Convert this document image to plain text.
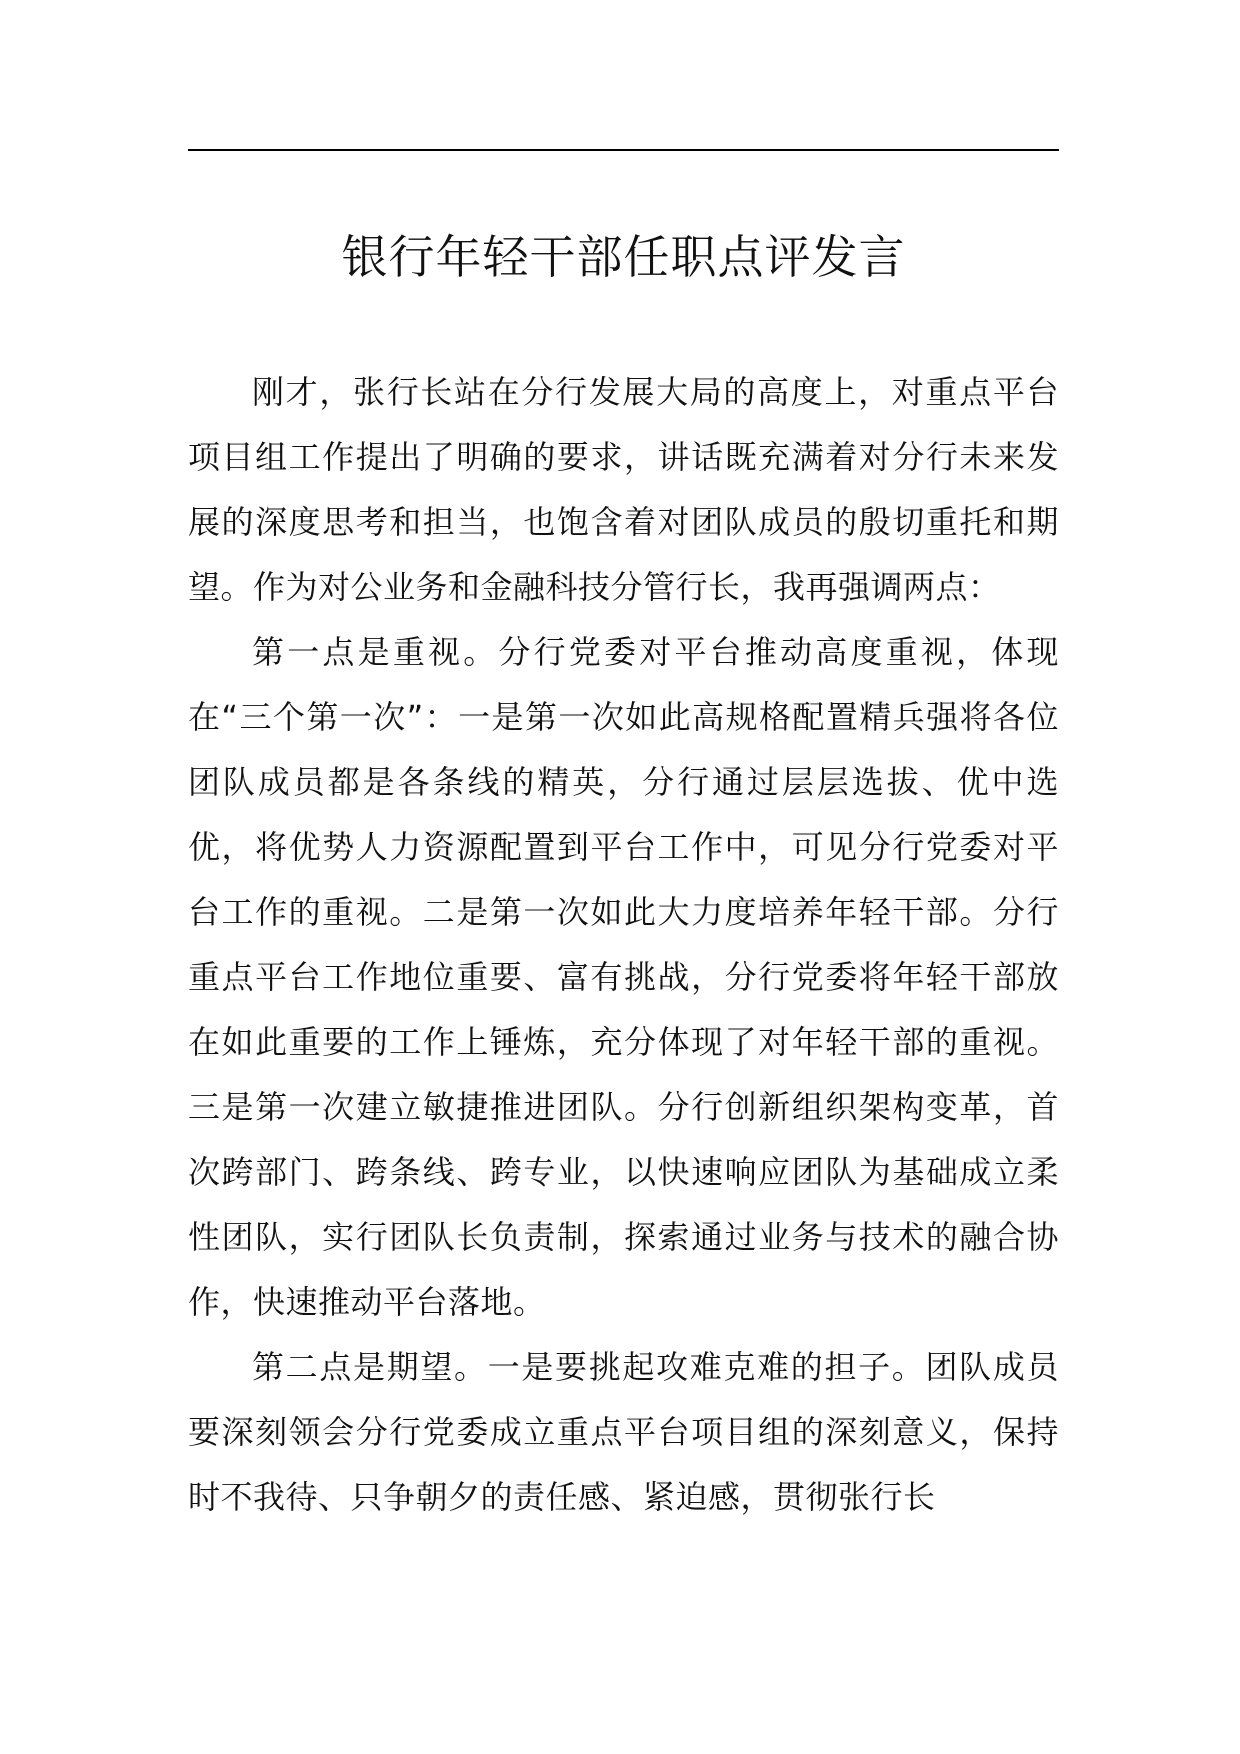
银行年轻干部任职点评发言

刚才，张行长站在分行发展大局的高度上，对重点平台项目组工作提出了明确的要求，讲话既充满着对分行未来发展的深度思考和担当，也饱含着对团队成员的殷切重托和期望。作为对公业务和金融科技分管行长，我再强调两点：

第一点是重视。分行党委对平台推动高度重视，体现在“三个第一次”：一是第一次如此高规格配置精兵强将各位团队成员都是各条线的精英，分行通过层层选拔、优中选优，将优势人力资源配置到平台工作中，可见分行党委对平台工作的重视。二是第一次如此大力度培养年轻干部。分行重点平台工作地位重要、富有挑战，分行党委将年轻干部放在如此重要的工作上锤炼，充分体现了对年轻干部的重视。三是第一次建立敏捷推进团队。分行创新组织架构变革，首次跨部门、跨条线、跨专业，以快速响应团队为基础成立柔性团队，实行团队长负责制，探索通过业务与技术的融合协作，快速推动平台落地。

第二点是期望。一是要挑起攻难克难的担子。团队成员要深刻领会分行党委成立重点平台项目组的深刻意义，保持时不我待、只争朝夕的责任感、紧迫感，贯彻张行长
